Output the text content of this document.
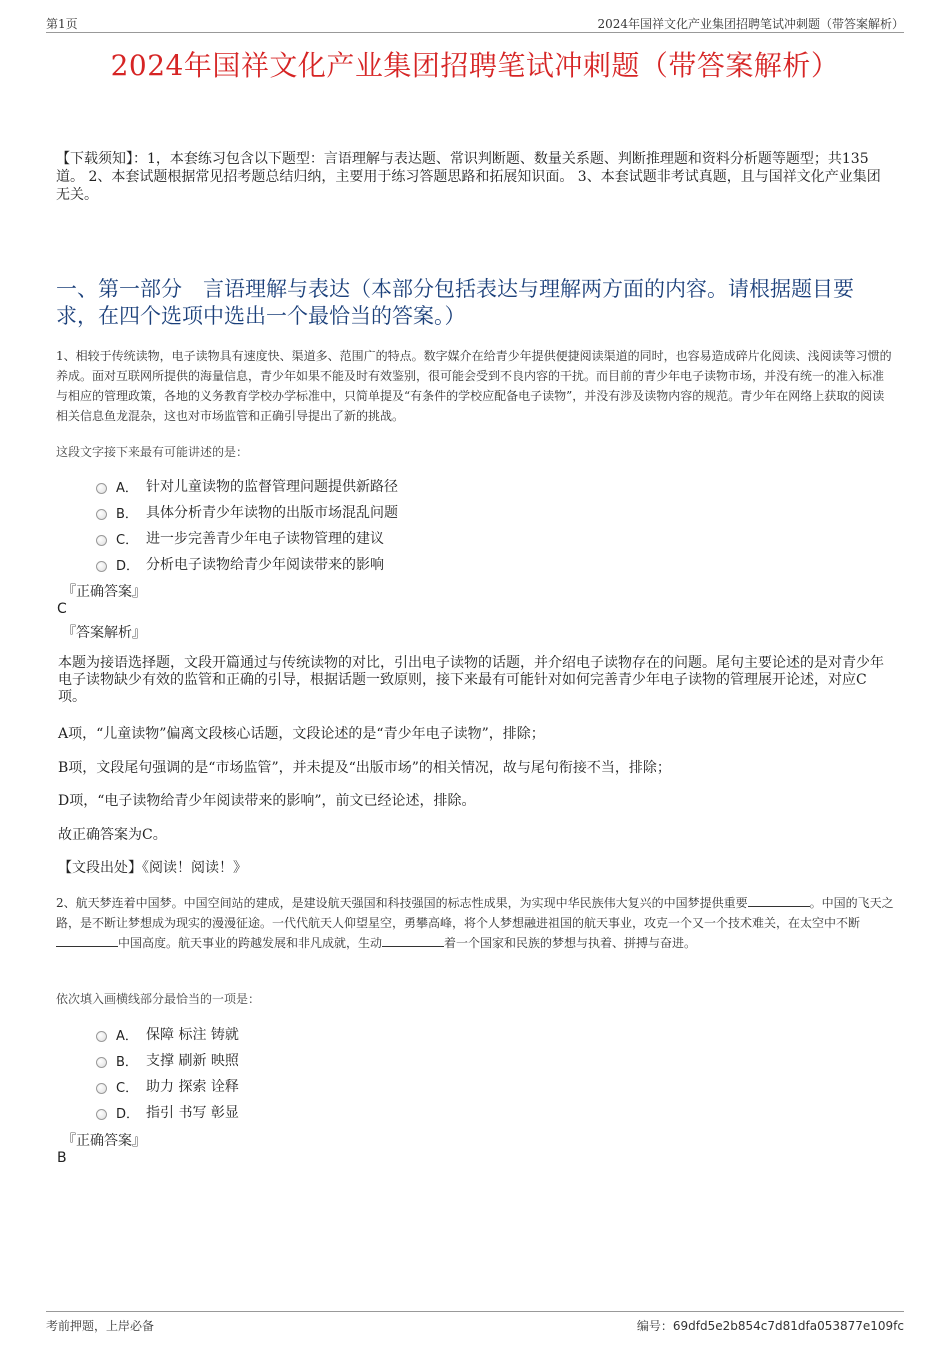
第1页	2024年国祥文化产业集团招聘笔试冲刺题（带答案解析）
2024年国祥文化产业集团招聘笔试冲刺题（带答案解析）
【下载须知】：1，本套练习包含以下题型：言语理解与表达题、常识判断题、数量关系题、判断推理题和资料分析题等题型；共135道。 2、本套试题根据常见招考题总结归纳，主要用于练习答题思路和拓展知识面。 3、本套试题非考试真题，且与国祥文化产业集团无关。
一、第一部分　言语理解与表达（本部分包括表达与理解两方面的内容。请根据题目要求，在四个选项中选出一个最恰当的答案。）
1、相较于传统读物，电子读物具有速度快、渠道多、范围广的特点。数字媒介在给青少年提供便捷阅读渠道的同时，也容易造成碎片化阅读、浅阅读等习惯的养成。面对互联网所提供的海量信息，青少年如果不能及时有效鉴别，很可能会受到不良内容的干扰。而目前的青少年电子读物市场，并没有统一的准入标准与相应的管理政策，各地的义务教育学校办学标准中，只简单提及“有条件的学校应配备电子读物”，并没有涉及读物内容的规范。青少年在网络上获取的阅读相关信息鱼龙混杂，这也对市场监管和正确引导提出了新的挑战。
这段文字接下来最有可能讲述的是：
A． 针对儿童读物的监督管理问题提供新路径
B． 具体分析青少年读物的出版市场混乱问题
C． 进一步完善青少年电子读物管理的建议
D． 分析电子读物给青少年阅读带来的影响
『正确答案』
C
『答案解析』
本题为接语选择题，文段开篇通过与传统读物的对比，引出电子读物的话题，并介绍电子读物存在的问题。尾句主要论述的是对青少年电子读物缺少有效的监管和正确的引导，根据话题一致原则，接下来最有可能针对如何完善青少年电子读物的管理展开论述，对应C项。
A项，“儿童读物”偏离文段核心话题，文段论述的是“青少年电子读物”，排除；
B项，文段尾句强调的是“市场监管”，并未提及“出版市场”的相关情况，故与尾句衔接不当，排除；
D项，“电子读物给青少年阅读带来的影响”，前文已经论述，排除。
故正确答案为C。
【文段出处】《阅读！阅读！》
2、航天梦连着中国梦。中国空间站的建成，是建设航天强国和科技强国的标志性成果，为实现中华民族伟大复兴的中国梦提供重要	。中国的飞天之路，是不断让梦想成为现实的漫漫征途。一代代航天人仰望星空，勇攀高峰，将个人梦想融进祖国的航天事业，攻克一个又一个技术难关，在太空中不断中国高度。航天事业的跨越发展和非凡成就，生动	着一个国家和民族的梦想与执着、拼搏与奋进。
依次填入画横线部分最恰当的一项是：
A． 保障 标注 铸就
B． 支撑 刷新 映照
C． 助力 探索 诠释
D． 指引 书写 彰显
『正确答案』
B
考前押题，上岸必备	编号：69dfd5e2b854c7d81dfa053877e109fc
